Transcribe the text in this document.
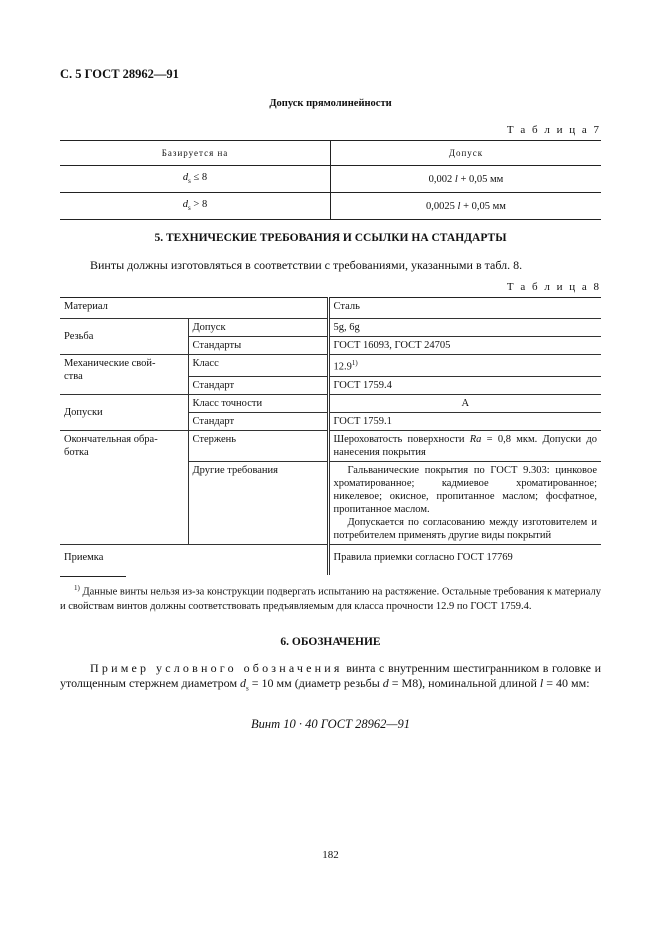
С. 5 ГОСТ 28962—91
Допуск прямолинейности
Т а б л и ц а 7
Базируется на	Допуск
$d_s \le 8$	0,002 l + 0,05 мм
$d_s > 8$	0,0025 l + 0,05 мм
5. ТЕХНИЧЕСКИЕ ТРЕБОВАНИЯ И ССЫЛКИ НА СТАНДАРТЫ
Винты должны изготовляться в соответствии с требованиями, указанными в табл. 8.
Т а б л и ц а 8
Материал		Сталь
Резьба	Допуск	5g, 6g
	Стандарты	ГОСТ 16093, ГОСТ 24705

Механические свой-

ства	Класс	12.9$^{1)}$
	Стандарт	ГОСТ 1759.4
Допуски	Класс точности	А
	Стандарт	ГОСТ 1759.1

Окончательная обра-

ботка	Стержень	Шероховатость поверхности Ra = 0,8 мкм. Допуски до нанесения покрытия
	Другие требования	Гальванические покрытия по ГОСТ 9.303: цинковое хроматированное; кадмиевое хроматированное; никелевое; окисное, пропитанное маслом; фосфатное, пропитанное маслом.

Допускается по согласованию между изготовителем и потребителем применять другие виды покрытий

Приемка		Правила приемки согласно ГОСТ 17769
$^{1)}$ Данные винты нельзя из-за конструкции подвергать испытанию на растяжение. Остальные требования к материалу и свойствам винтов должны соответствовать предъявляемым для класса прочности 12.9 по ГОСТ 1759.4.
6. ОБОЗНАЧЕНИЕ
Пример условного обозначения винта с внутренним шестигранником в головке и утолщенным стержнем диаметром $d_s = 10$ мм (диаметр резьбы d = М8), номинальной длиной l = 40 мм:
Винт 10 · 40 ГОСТ 28962—91
182
